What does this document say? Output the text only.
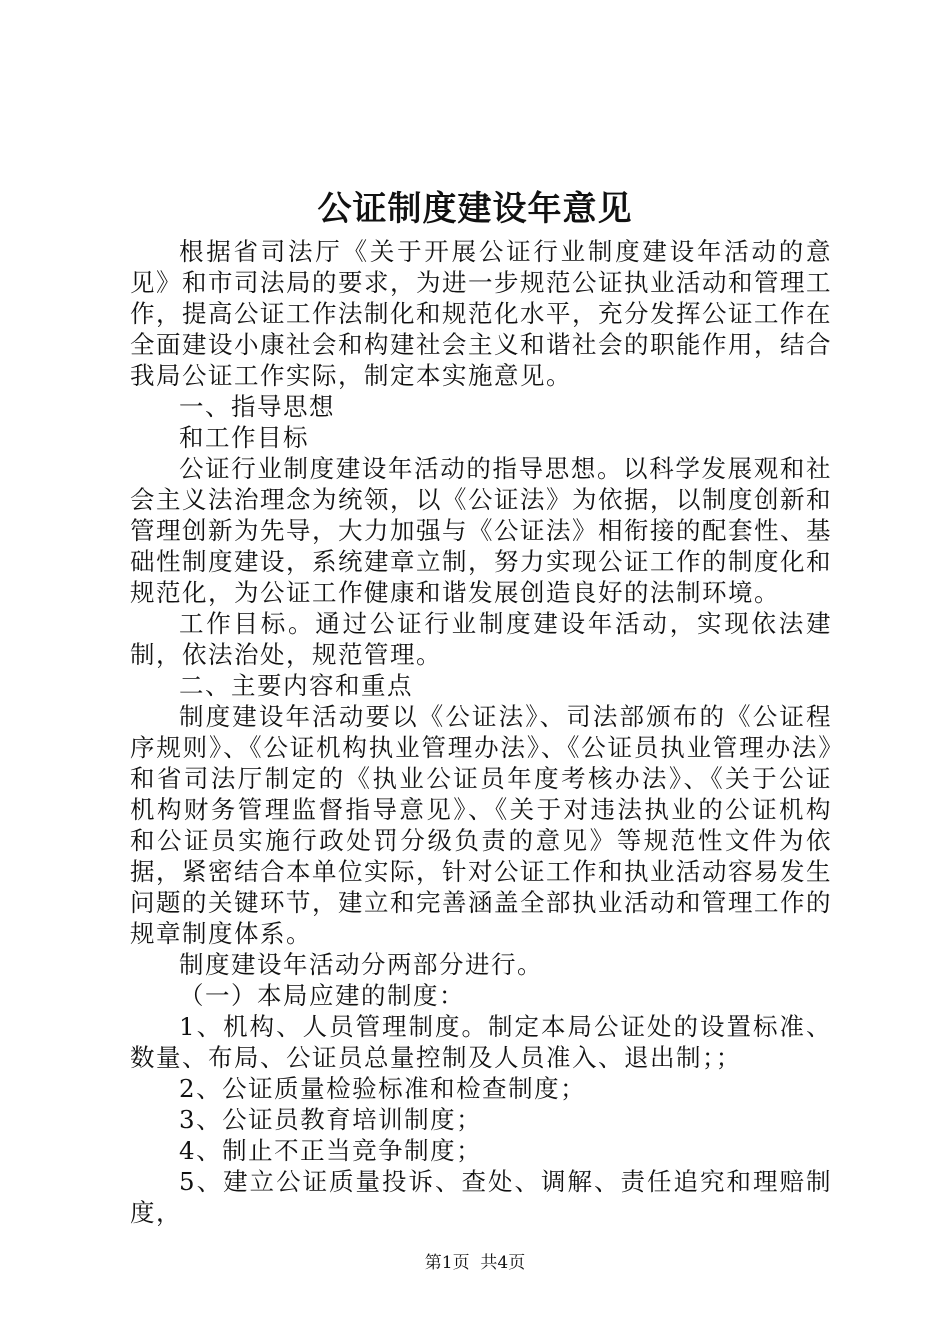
公证制度建设年意见

根据省司法厅《关于开展公证行业制度建设年活动的意见》和市司法局的要求，为进一步规范公证执业活动和管理工作，提高公证工作法制化和规范化水平，充分发挥公证工作在全面建设小康社会和构建社会主义和谐社会的职能作用，结合我局公证工作实际，制定本实施意见。

一、指导思想

和工作目标

公证行业制度建设年活动的指导思想。以科学发展观和社会主义法治理念为统领，以《公证法》为依据，以制度创新和管理创新为先导，大力加强与《公证法》相衔接的配套性、基础性制度建设，系统建章立制，努力实现公证工作的制度化和规范化，为公证工作健康和谐发展创造良好的法制环境。

工作目标。通过公证行业制度建设年活动，实现依法建制，依法治处，规范管理。

二、主要内容和重点

制度建设年活动要以《公证法》、司法部颁布的《公证程序规则》、《公证机构执业管理办法》、《公证员执业管理办法》和省司法厅制定的《执业公证员年度考核办法》、《关于公证机构财务管理监督指导意见》、《关于对违法执业的公证机构和公证员实施行政处罚分级负责的意见》等规范性文件为依据，紧密结合本单位实际，针对公证工作和执业活动容易发生问题的关键环节，建立和完善涵盖全部执业活动和管理工作的规章制度体系。

制度建设年活动分两部分进行。

（一）本局应建的制度：

1、机构、人员管理制度。制定本局公证处的设置标准、数量、布局、公证员总量控制及人员准入、退出制；；

2、公证质量检验标准和检查制度；

3、公证员教育培训制度；

4、制止不正当竞争制度；

5、建立公证质量投诉、查处、调解、责任追究和理赔制度，

第1页 共4页
